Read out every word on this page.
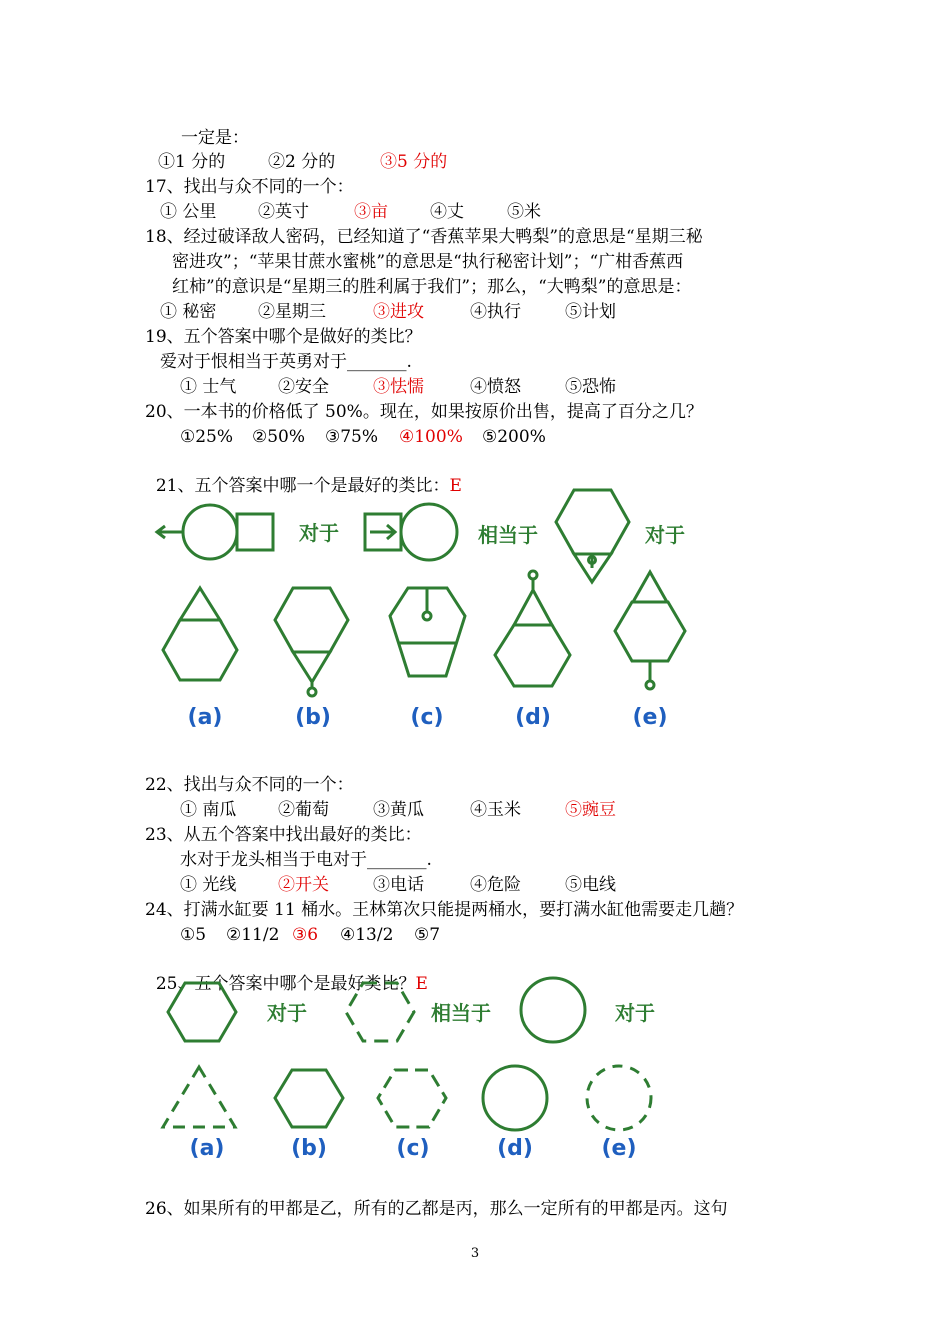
一定是：
①1 分的	②2 分的	③5 分的
17、找出与众不同的一个：
① 公里 ②英寸	③亩 ④丈	⑤米
18、经过破译敌人密码，已经知道了“香蕉苹果大鸭梨”的意思是“星期三秘
密进攻”；“苹果甘蔗水蜜桃”的意思是“执行秘密计划”；“广柑香蕉西
红柿”的意识是“星期三的胜利属于我们”；那么，“大鸭梨”的意思是：
① 秘密 ②星期三	③进攻	④执行	⑤计划
19、五个答案中哪个是做好的类比？
爱对于恨相当于英勇对于_______.
① 士气 ②安全	③怯懦	④愤怒	⑤恐怖
20、一本书的价格低了 50%。现在，如果按原价出售，提高了百分之几？
①25% ②50% ③75% ④100% ⑤200%

21、五个答案中哪一个是最好的类比：E

对于	相当于	对于
(a)	(b)	(c)	(d)	(e)
22、找出与众不同的一个：
① 南瓜 ②葡萄	③黄瓜	④玉米	⑤豌豆
23、从五个答案中找出最好的类比：
水对于龙头相当于电对于_______.
① 光线 ②开关	③电话	④危险	⑤电线
24、打满水缸要 11 桶水。王林第次只能提两桶水，要打满水缸他需要走几趟？
①5 ②11/2 ③6 ④13/2 ⑤7

25、五个答案中哪个是最好类比？E

对于	相当于	对于
(a)	(b)	(c)	(d)	(e)
26、如果所有的甲都是乙，所有的乙都是丙，那么一定所有的甲都是丙。这句
3
